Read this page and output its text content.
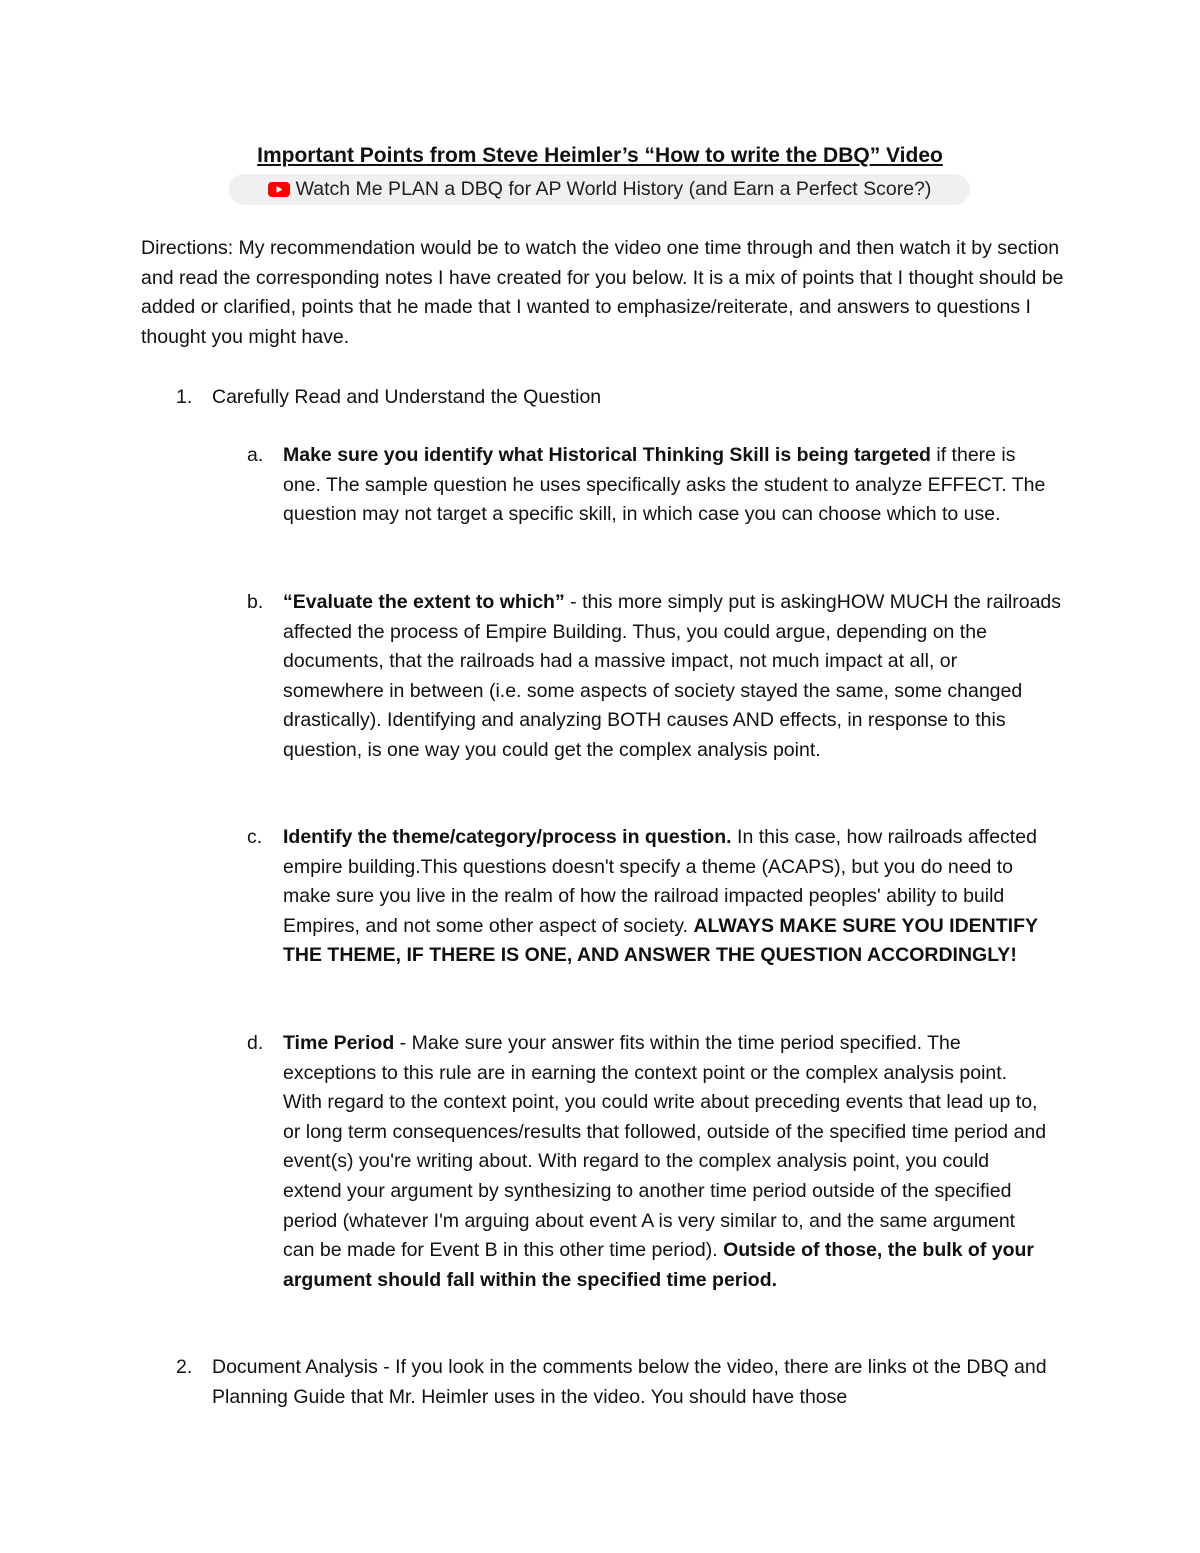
Important Points from Steve Heimler’s “How to write the DBQ” Video
Watch Me PLAN a DBQ for AP World History (and Earn a Perfect Score?)

Directions: My recommendation would be to watch the video one time through and then watch it by section and read the corresponding notes I have created for you below. It is a mix of points that I thought should be added or clarified, points that he made that I wanted to emphasize/reiterate, and answers to questions I thought you might have.

1. Carefully Read and Understand the Question

a. Make sure you identify what Historical Thinking Skill is being targeted if there is one. The sample question he uses specifically asks the student to analyze EFFECT. The question may not target a specific skill, in which case you can choose which to use.

b. “Evaluate the extent to which” - this more simply put is askingHOW MUCH the railroads affected the process of Empire Building. Thus, you could argue, depending on the documents, that the railroads had a massive impact, not much impact at all, or somewhere in between (i.e. some aspects of society stayed the same, some changed drastically). Identifying and analyzing BOTH causes AND effects, in response to this question, is one way you could get the complex analysis point.

c. Identify the theme/category/process in question. In this case, how railroads affected empire building.This questions doesn't specify a theme (ACAPS), but you do need to make sure you live in the realm of how the railroad impacted peoples' ability to build Empires, and not some other aspect of society. ALWAYS MAKE SURE YOU IDENTIFY THE THEME, IF THERE IS ONE, AND ANSWER THE QUESTION ACCORDINGLY!

d. Time Period - Make sure your answer fits within the time period specified. The exceptions to this rule are in earning the context point or the complex analysis point. With regard to the context point, you could write about preceding events that lead up to, or long term consequences/results that followed, outside of the specified time period and event(s) you're writing about. With regard to the complex analysis point, you could extend your argument by synthesizing to another time period outside of the specified period (whatever I'm arguing about event A is very similar to, and the same argument can be made for Event B in this other time period). Outside of those, the bulk of your argument should fall within the specified time period.

2. Document Analysis - If you look in the comments below the video, there are links ot the DBQ and Planning Guide that Mr. Heimler uses in the video. You should have those
